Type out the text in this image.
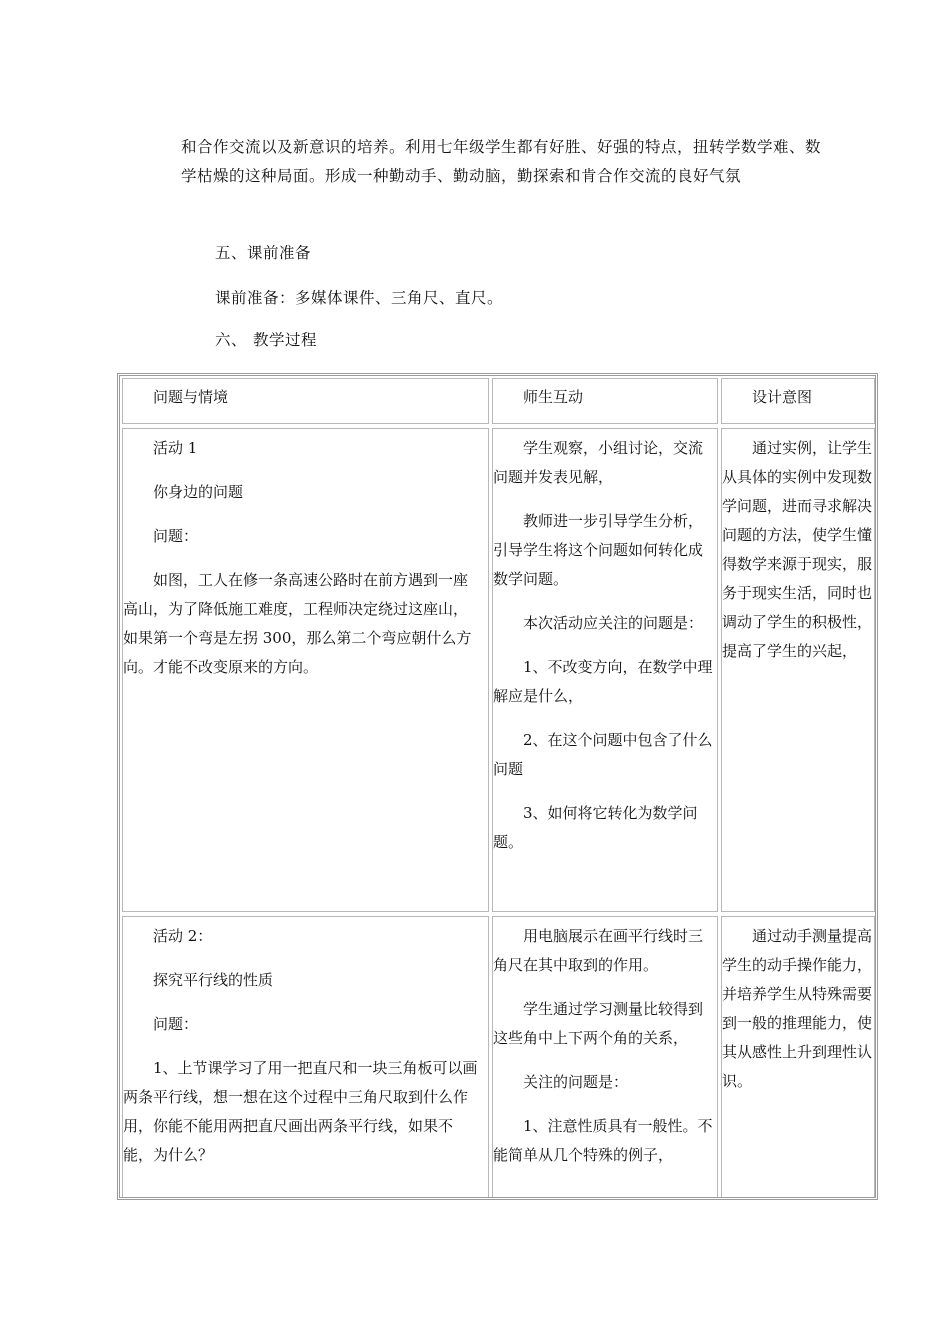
和合作交流以及新意识的培养。利用七年级学生都有好胜、好强的特点，扭转学数学难、数学枯燥的这种局面。形成一种勤动手、勤动脑，勤探索和肯合作交流的良好气氛
五、课前准备
课前准备：多媒体课件、三角尺、直尺。
六、 教学过程

问题与情境	师生互动	设计意图

活动 1

你身边的问题

问题：

如图，工人在修一条高速公路时在前方遇到一座高山，为了降低施工难度，工程师决定绕过这座山，如果第一个弯是左拐 300，那么第二个弯应朝什么方向。才能不改变原来的方向。

学生观察，小组讨论，交流问题并发表见解，

教师进一步引导学生分析，引导学生将这个问题如何转化成数学问题。

本次活动应关注的问题是：

1、不改变方向，在数学中理解应是什么，

2、在这个问题中包含了什么问题

3、如何将它转化为数学问题。

通过实例，让学生从具体的实例中发现数学问题，进而寻求解决问题的方法，使学生懂得数学来源于现实，服务于现实生活，同时也调动了学生的积极性，提高了学生的兴起，

活动 2：

探究平行线的性质

问题：

1、上节课学习了用一把直尺和一块三角板可以画两条平行线，想一想在这个过程中三角尺取到什么作用，你能不能用两把直尺画出两条平行线，如果不能，为什么？

用电脑展示在画平行线时三角尺在其中取到的作用。

学生通过学习测量比较得到这些角中上下两个角的关系，

关注的问题是：

1、注意性质具有一般性。不能简单从几个特殊的例子，

通过动手测量提高学生的动手操作能力，并培养学生从特殊需要到一般的推理能力，使其从感性上升到理性认识。
